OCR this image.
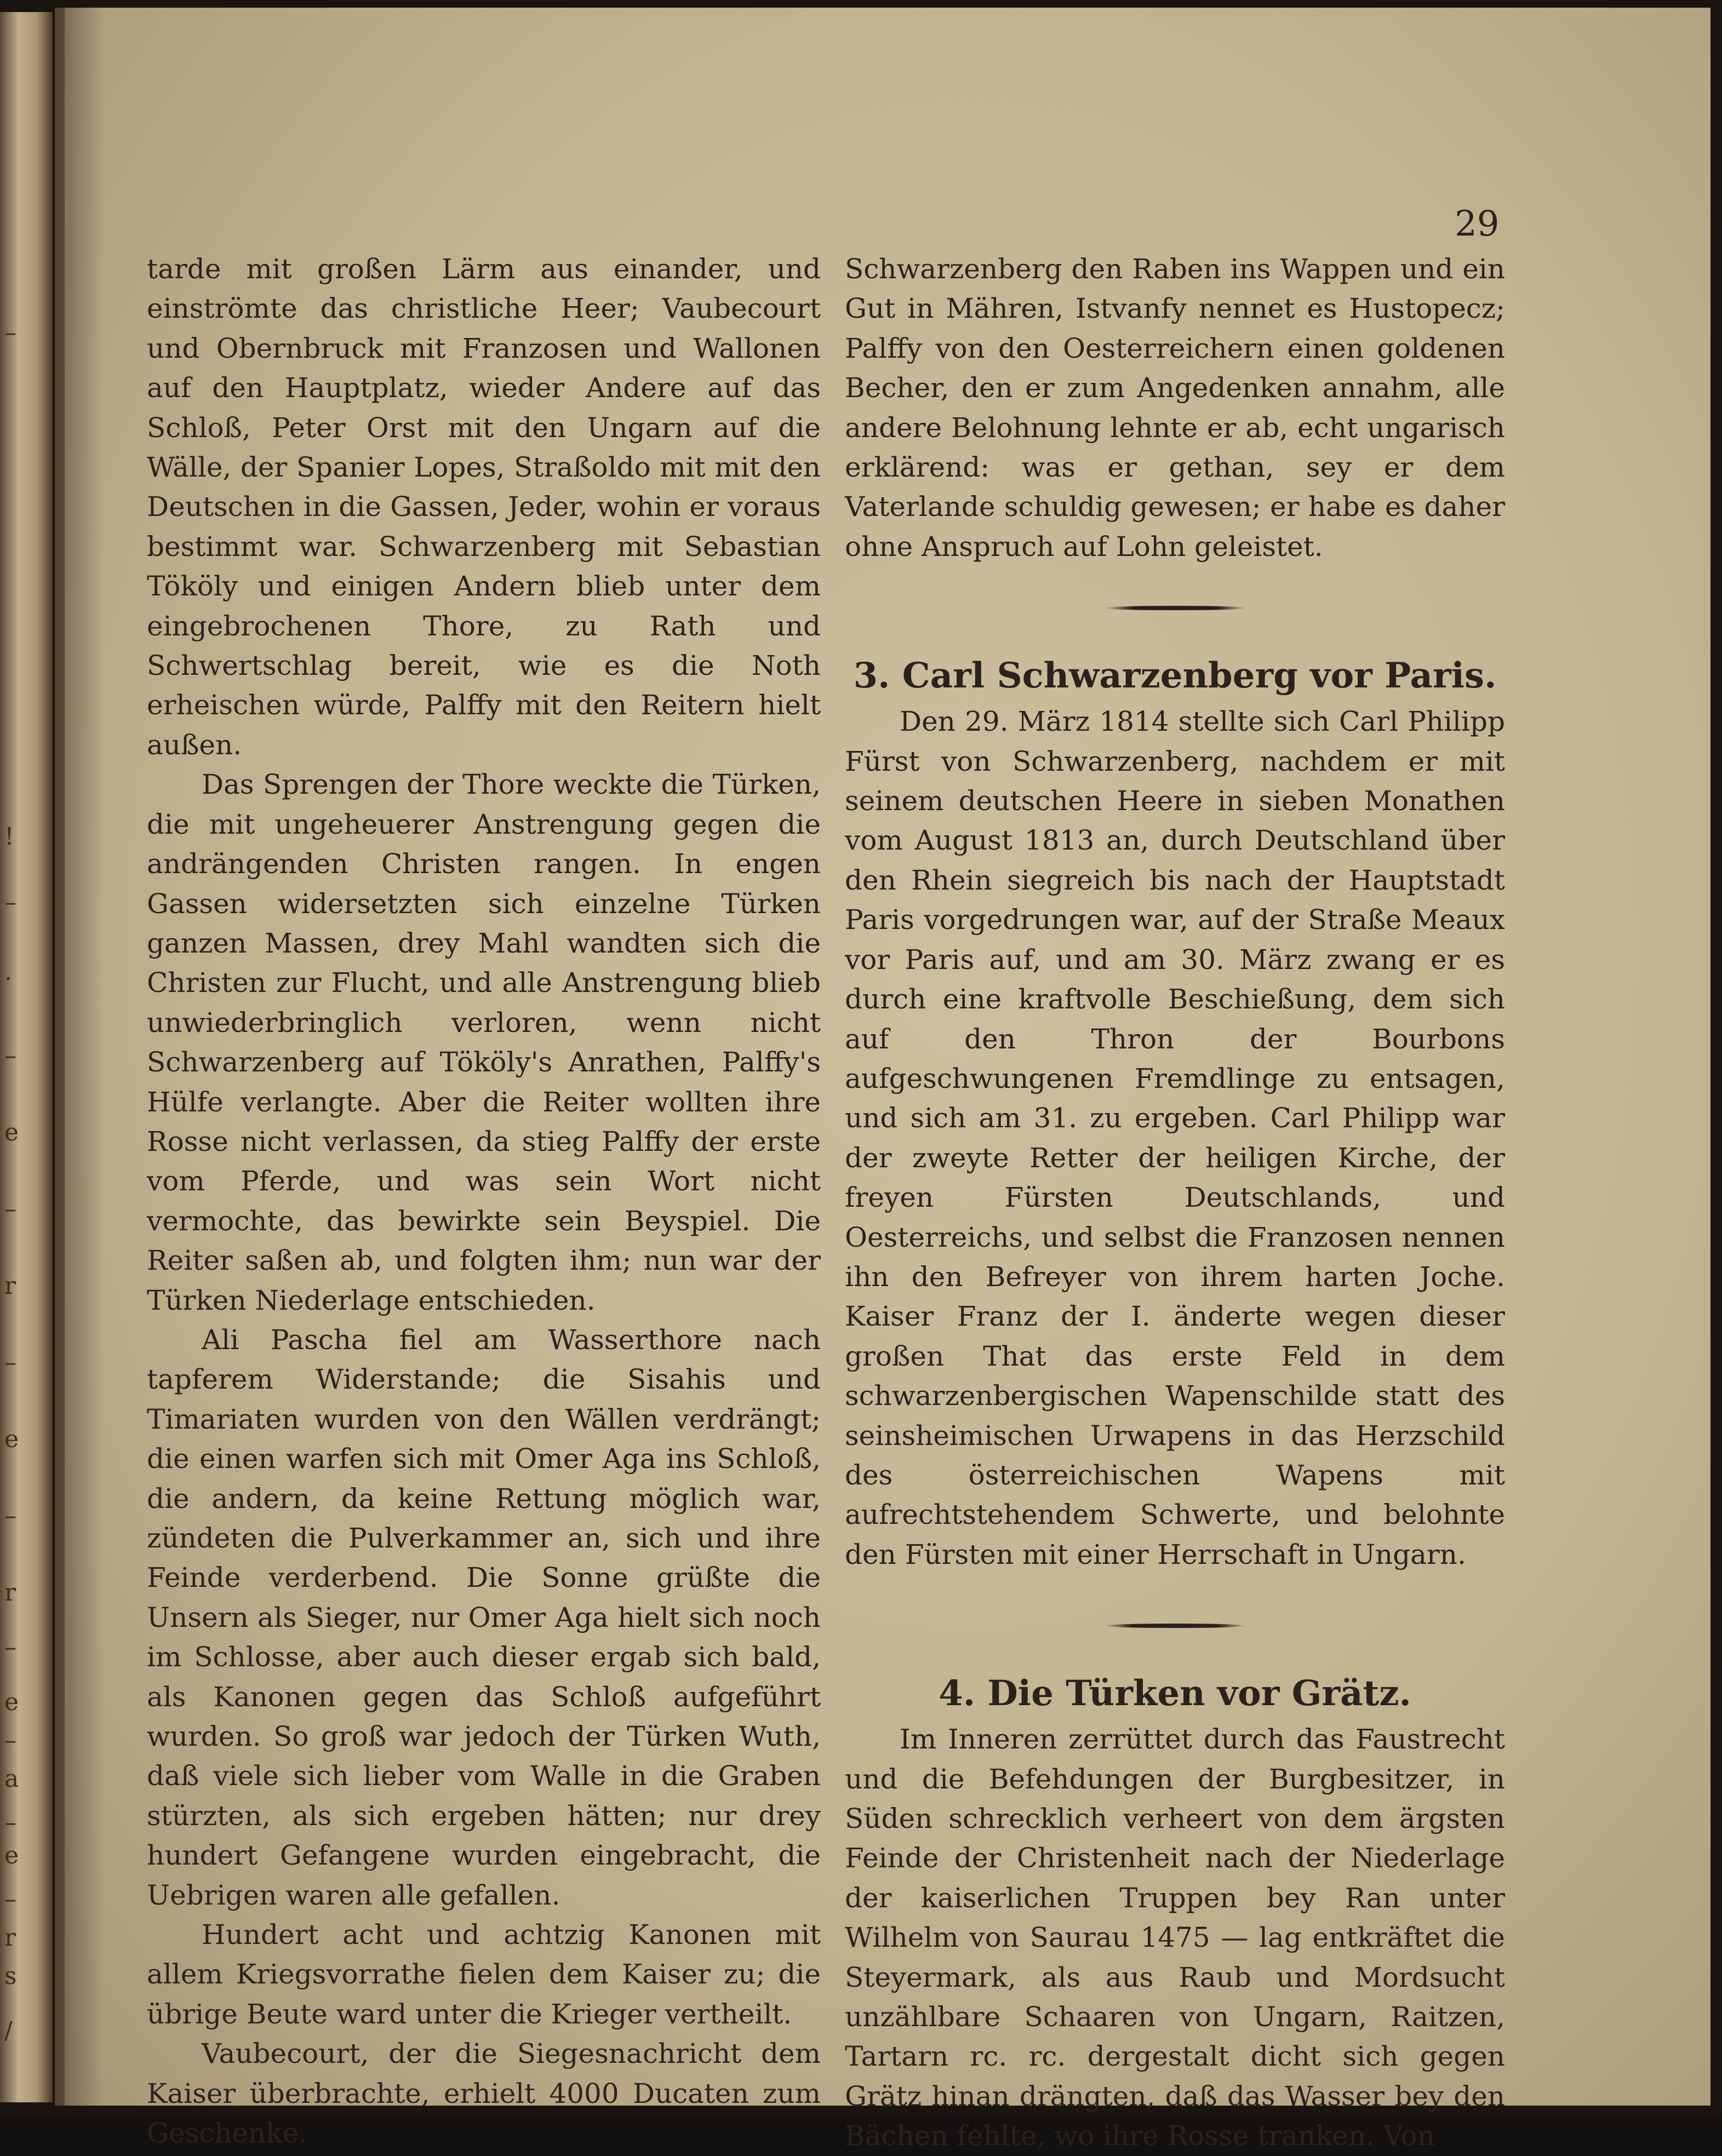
–
!
–
·
–
e
–
r
–
e
–
r
–
e
–
a
–
e
–
r
s
/
29

tarde mit großen Lärm aus einander, und einströmte das christliche Heer; Vaubecourt und Obernbruck mit Franzosen und Wallonen auf den Hauptplatz, wieder Andere auf das Schloß, Peter Orst mit den Ungarn auf die Wälle, der Spanier Lopes, Straßoldo mit mit den Deutschen in die Gassen, Jeder, wohin er voraus bestimmt war. Schwarzenberg mit Sebastian Tököly und einigen Andern blieb unter dem eingebrochenen Thore, zu Rath und Schwertschlag bereit, wie es die Noth erheischen würde, Palffy mit den Reitern hielt außen.

Das Sprengen der Thore weckte die Türken, die mit ungeheuerer Anstrengung gegen die andrängenden Christen rangen. In engen Gassen widersetzten sich einzelne Türken ganzen Massen, drey Mahl wandten sich die Christen zur Flucht, und alle Anstrengung blieb unwiederbringlich verloren, wenn nicht Schwarzenberg auf Tököly's Anrathen, Palffy's Hülfe verlangte. Aber die Reiter wollten ihre Rosse nicht verlassen, da stieg Palffy der erste vom Pferde, und was sein Wort nicht vermochte, das bewirkte sein Beyspiel. Die Reiter saßen ab, und folgten ihm; nun war der Türken Niederlage entschieden.

Ali Pascha fiel am Wasserthore nach tapferem Widerstande; die Sisahis und Timariaten wurden von den Wällen verdrängt; die einen warfen sich mit Omer Aga ins Schloß, die andern, da keine Rettung möglich war, zündeten die Pulverkammer an, sich und ihre Feinde verderbend. Die Sonne grüßte die Unsern als Sieger, nur Omer Aga hielt sich noch im Schlosse, aber auch dieser ergab sich bald, als Kanonen gegen das Schloß aufgeführt wurden. So groß war jedoch der Türken Wuth, daß viele sich lieber vom Walle in die Graben stürzten, als sich ergeben hätten; nur drey hundert Gefangene wurden eingebracht, die Uebrigen waren alle gefallen.

Hundert acht und achtzig Kanonen mit allem Kriegsvorrathe fielen dem Kaiser zu; die übrige Beute ward unter die Krieger vertheilt.

Vaubecourt, der die Siegesnachricht dem Kaiser überbrachte, erhielt 4000 Ducaten zum Geschenke.

Schwarzenberg den Raben ins Wappen und ein Gut in Mähren, Istvanfy nennet es Hustopecz; Palffy von den Oesterreichern einen goldenen Becher, den er zum Angedenken annahm, alle andere Belohnung lehnte er ab, echt ungarisch erklärend: was er gethan, sey er dem Vaterlande schuldig gewesen; er habe es daher ohne Anspruch auf Lohn geleistet.

3. Carl Schwarzenberg vor Paris.

Den 29. März 1814 stellte sich Carl Philipp Fürst von Schwarzenberg, nachdem er mit seinem deutschen Heere in sieben Monathen vom August 1813 an, durch Deutschland über den Rhein siegreich bis nach der Hauptstadt Paris vorgedrungen war, auf der Straße Meaux vor Paris auf, und am 30. März zwang er es durch eine kraftvolle Beschießung, dem sich auf den Thron der Bourbons aufgeschwungenen Fremdlinge zu entsagen, und sich am 31. zu ergeben. Carl Philipp war der zweyte Retter der heiligen Kirche, der freyen Fürsten Deutschlands, und Oesterreichs, und selbst die Franzosen nennen ihn den Befreyer von ihrem harten Joche. Kaiser Franz der I. änderte wegen dieser großen That das erste Feld in dem schwarzenbergischen Wapenschilde statt des seinsheimischen Urwapens in das Herzschild des österreichischen Wapens mit aufrechtstehendem Schwerte, und belohnte den Fürsten mit einer Herrschaft in Ungarn.

4. Die Türken vor Grätz.

Im Inneren zerrüttet durch das Faustrecht und die Befehdungen der Burgbesitzer, in Süden schrecklich verheert von dem ärgsten Feinde der Christenheit nach der Niederlage der kaiserlichen Truppen bey Ran unter Wilhelm von Saurau 1475 — lag entkräftet die Steyermark, als aus Raub und Mordsucht unzählbare Schaaren von Ungarn, Raitzen, Tartarn rc. rc. dergestalt dicht sich gegen Grätz hinan drängten, daß das Wasser bey den Bächen fehlte, wo ihre Rosse tranken. Von
